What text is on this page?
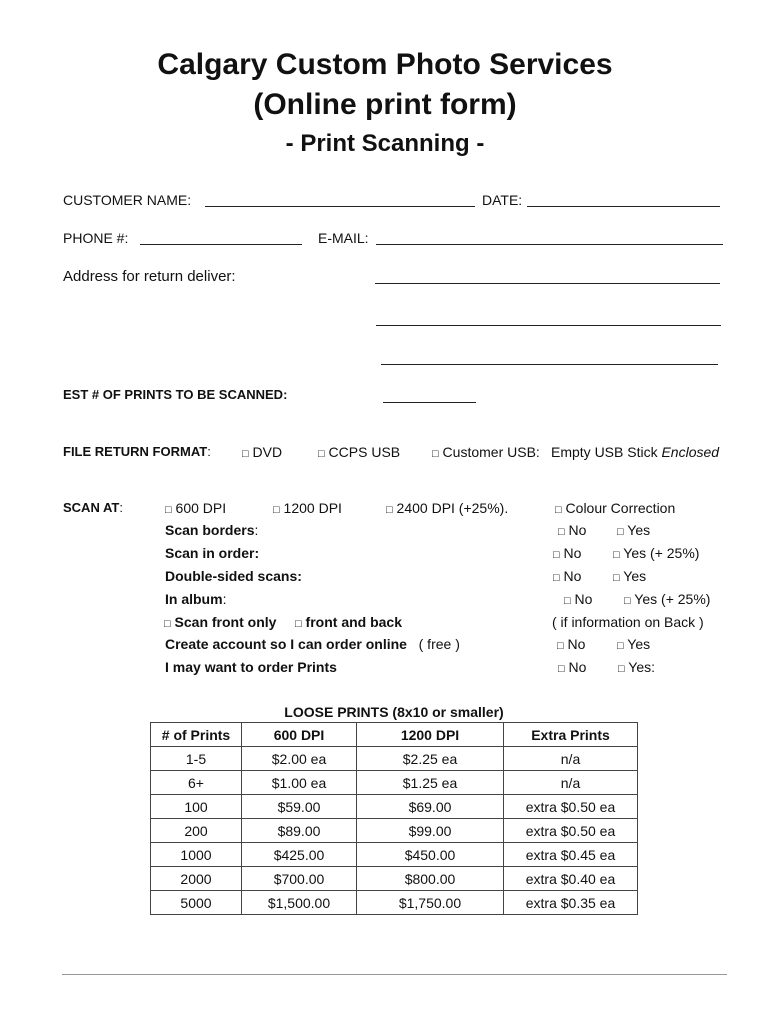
Calgary Custom Photo Services
(Online print form)
- Print Scanning -
CUSTOMER NAME:	DATE:
PHONE #:	E-MAIL:
Address for return deliver:
EST # OF PRINTS TO BE SCANNED:
FILE RETURN FORMAT:	□ DVD	□ CCPS USB	□ Customer USB: Empty USB Stick Enclosed
SCAN AT:	□ 600 DPI	□ 1200 DPI	□ 2400 DPI (+25%).	□ Colour Correction
Scan borders:	□ No	□ Yes
Scan in order:	□ No	□ Yes (+ 25%)
Double-sided scans:	□ No	□ Yes
In album:	□ No	□ Yes (+ 25%)
□ Scan front only □ front and back	( if information on Back )
Create account so I can order online ( free )	□ No	□ Yes
I may want to order Prints	□ No	□ Yes:
LOOSE PRINTS (8x10 or smaller)
# of Prints	600 DPI	1200 DPI	Extra Prints
1-5	$2.00 ea	$2.25 ea	n/a
6+	$1.00 ea	$1.25 ea	n/a
100	$59.00	$69.00	extra $0.50 ea
200	$89.00	$99.00	extra $0.50 ea
1000	$425.00	$450.00	extra $0.45 ea
2000	$700.00	$800.00	extra $0.40 ea
5000	$1,500.00	$1,750.00	extra $0.35 ea
